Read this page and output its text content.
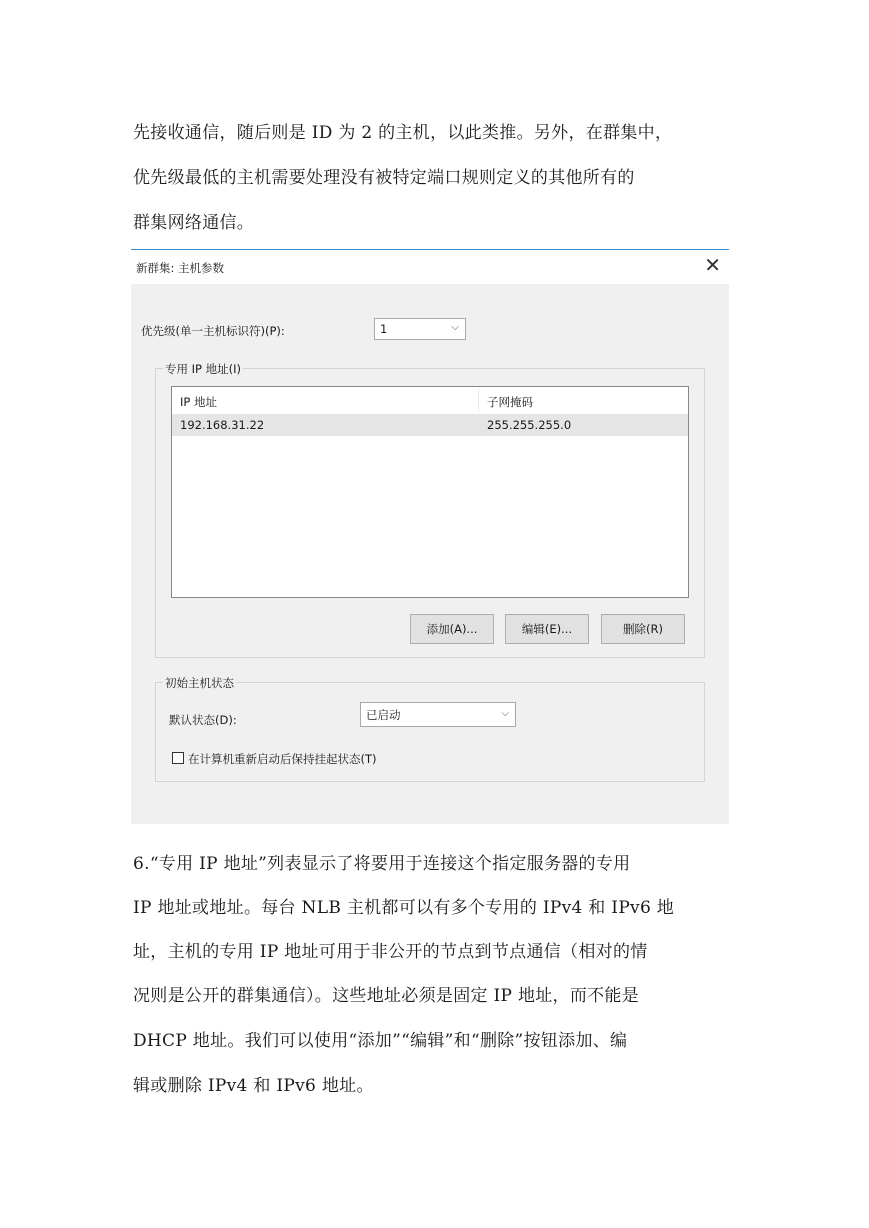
先接收通信，随后则是 ID 为 2 的主机，以此类推。另外，在群集中，
优先级最低的主机需要处理没有被特定端口规则定义的其他所有的
群集网络通信。
新群集: 主机参数	✕
优先级(单一主机标识符)(P):	1	⌵
专用 IP 地址(I)
IP 地址	子网掩码
192.168.31.22	255.255.255.0
添加(A)...	编辑(E)...	删除(R)
初始主机状态
默认状态(D):	已启动	⌵
在计算机重新启动后保持挂起状态(T)
6.“专用 IP 地址”列表显示了将要用于连接这个指定服务器的专用
IP 地址或地址。每台 NLB 主机都可以有多个专用的 IPv4 和 IPv6 地
址，主机的专用 IP 地址可用于非公开的节点到节点通信（相对的情
况则是公开的群集通信）。这些地址必须是固定 IP 地址，而不能是
DHCP 地址。我们可以使用“添加”“编辑”和“删除”按钮添加、编
辑或删除 IPv4 和 IPv6 地址。
